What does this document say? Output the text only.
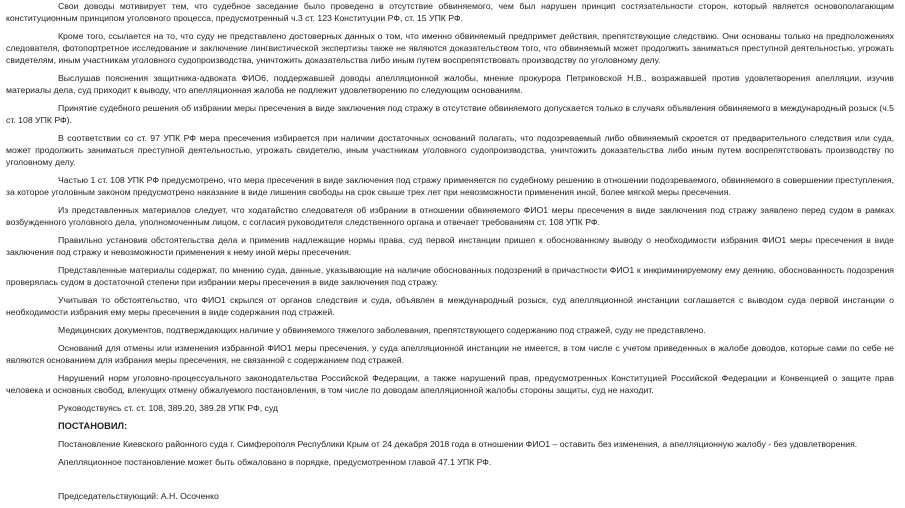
Свои доводы мотивирует тем, что судебное заседание было проведено в отсутствие обвиняемого, чем был нарушен принцип состязательности сторон, который является основополагающим конституционным принципом уголовного процесса, предусмотренный ч.3 ст. 123 Конституции РФ, ст. 15 УПК РФ.

Кроме того, ссылается на то, что суду не представлено достоверных данных о том, что именно обвиняемый предпримет действия, препятствующие следствию. Они основаны только на предположениях следователя, фотопортретное исследование и заключение лингвистической экспертизы также не являются доказательством того, что обвиняемый может продолжить заниматься преступной деятельностью, угрожать свидетелям, иным участникам уголовного судопроизводства, уничтожить доказательства либо иным путем воспрепятствовать производству по уголовному делу.

Выслушав пояснения защитника-адвоката ФИО6, поддержавшей доводы апелляционной жалобы, мнение прокурора Петриковской Н.В., возражавшей против удовлетворения апелляции, изучив материалы дела, суд приходит к выводу, что апелляционная жалоба не подлежит удовлетворению по следующим основаниям.

Принятие судебного решения об избрании меры пресечения в виде заключения под стражу в отсутствие обвиняемого допускается только в случаях объявления обвиняемого в международный розыск (ч.5 ст. 108 УПК РФ).

В соответствии со ст. 97 УПК РФ мера пресечения избирается при наличии достаточных оснований полагать, что подозреваемый либо обвиняемый скроется от предварительного следствия или суда, может продолжить заниматься преступной деятельностью, угрожать свидетелю, иным участникам уголовного судопроизводства, уничтожить доказательства либо иным путем воспрепятствовать производству по уголовному делу.

Частью 1 ст. 108 УПК РФ предусмотрено, что мера пресечения в виде заключения под стражу применяется по судебному решению в отношении подозреваемого, обвиняемого в совершении преступления, за которое уголовным законом предусмотрено наказание в виде лишения свободы на срок свыше трех лет при невозможности применения иной, более мягкой меры пресечения.

Из представленных материалов следует, что ходатайство следователя об избрании в отношении обвиняемого ФИО1 меры пресечения в виде заключения под стражу заявлено перед судом в рамках возбужденного уголовного дела, уполномоченным лицом, с согласия руководителя следственного органа и отвечает требованиям ст. 108 УПК РФ.

Правильно установив обстоятельства дела и применив надлежащие нормы права, суд первой инстанции пришел к обоснованному выводу о необходимости избрания ФИО1 меры пресечения в виде заключения под стражу и невозможности применения к нему иной меры пресечения.

Представленные материалы содержат, по мнению суда, данные, указывающие на наличие обоснованных подозрений в причастности ФИО1 к инкриминируемому ему деянию, обоснованность подозрения проверялась судом в достаточной степени при избрании меры пресечения в виде заключения под стражу.

Учитывая то обстоятельство, что ФИО1 скрылся от органов следствия и суда, объявлен в международный розыск, суд апелляционной инстанции соглашается с выводом суда первой инстанции о необходимости избрания ему меры пресечения в виде содержания под стражей.

Медицинских документов, подтверждающих наличие у обвиняемого тяжелого заболевания, препятствующего содержанию под стражей, суду не представлено.

Оснований для отмены или изменения избранной ФИО1 меры пресечения, у суда апелляционной инстанции не имеется, в том числе с учетом приведенных в жалобе доводов, которые сами по себе не являются основанием для избрания меры пресечения, не связанной с содержанием под стражей.

Нарушений норм уголовно-процессуального законодательства Российской Федерации, а также нарушений прав, предусмотренных Конституцией Российской Федерации и Конвенцией о защите прав человека и основных свобод, влекущих отмену обжалуемого постановления, в том числе по доводам апелляционной жалобы стороны защиты, суд не находит.

Руководствуясь ст. ст. 108, 389.20, 389.28 УПК РФ, суд

ПОСТАНОВИЛ:

Постановление Киевского районного суда г. Симферополя Республики Крым от 24 декабря 2018 года в отношении ФИО1 – оставить без изменения, а апелляционную жалобу - без удовлетворения.

Апелляционное постановление может быть обжаловано в порядке, предусмотренном главой 47.1 УПК РФ.

Председательствующий: А.Н. Осоченко
